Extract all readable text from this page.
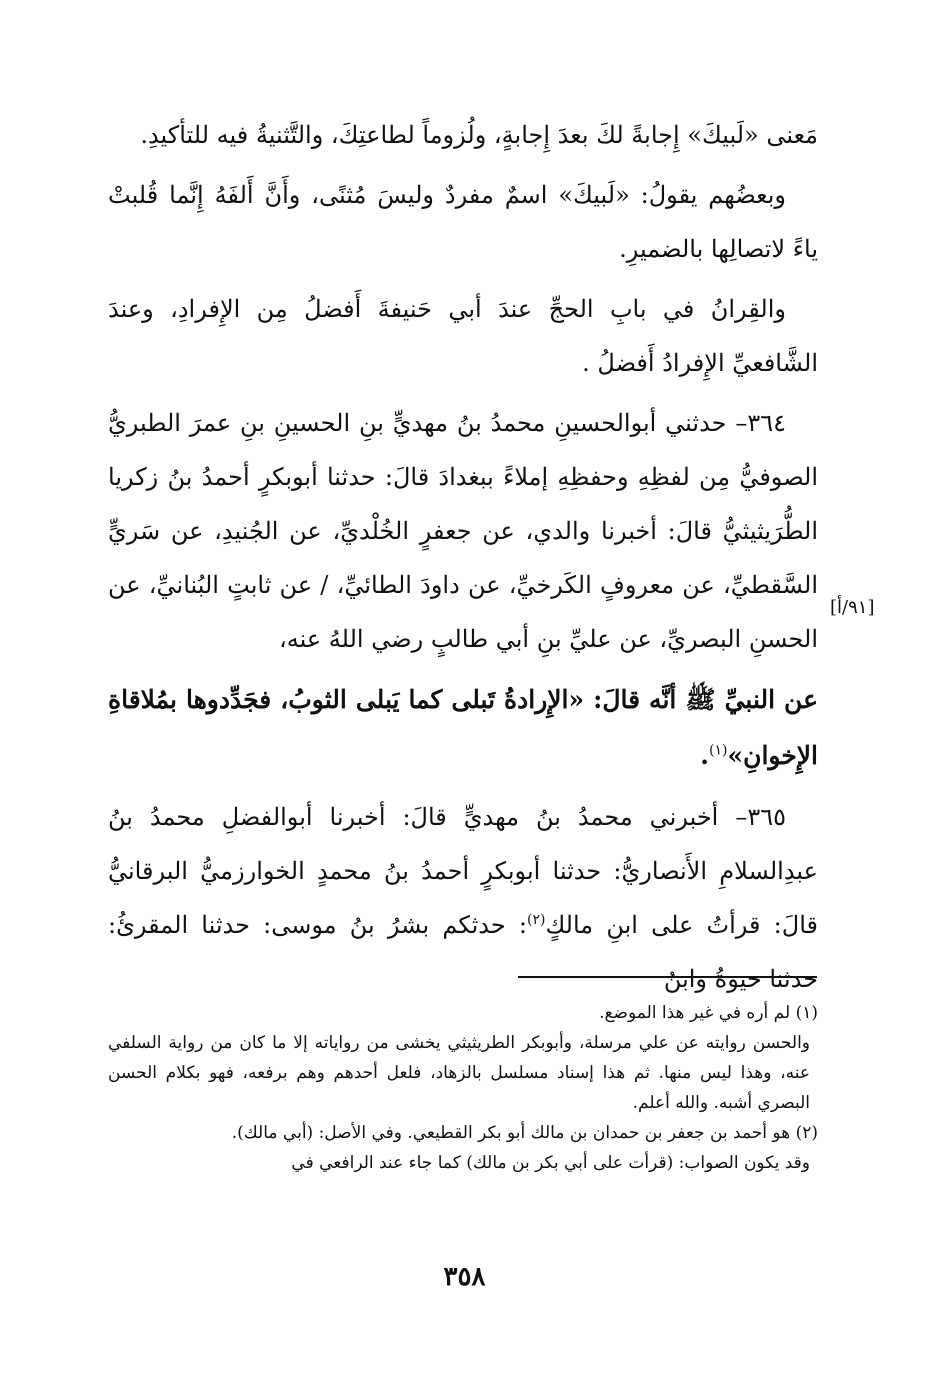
مَعنى «لَبيكَ» إِجابةً لكَ بعدَ إِجابةٍ، ولُزوماً لطاعتِكَ، والتَّثنيةُ فيه للتأكيدِ.

وبعضُهم يقولُ: «لَبيكَ» اسمٌ مفردٌ وليسَ مُثنًى، وأَنَّ أَلفَهُ إِنَّما قُلبتْ ياءً لاتصالِها بالضميرِ.

والقِرانُ في بابِ الحجِّ عندَ أبي حَنيفةَ أَفضلُ مِن الإِفرادِ، وعندَ الشَّافعيِّ الإِفرادُ أَفضلُ .

٣٦٤– حدثني أبوالحسينِ محمدُ بنُ مهديٍّ بنِ الحسينِ بنِ عمرَ الطبريُّ الصوفيُّ مِن لفظِهِ وحفظِهِ إملاءً ببغدادَ قالَ: حدثنا أبوبكرٍ أحمدُ بنُ زكريا الطُّرَيثيثيُّ قالَ: أخبرنا والدي، عن جعفرٍ الخُلْديِّ، عن الجُنيدِ، عن سَريٍّ السَّقطيِّ، عن معروفٍ الكَرخيِّ، عن داودَ الطائيِّ، / عن ثابتٍ البُنانيِّ، عن الحسنِ البصريِّ، عن عليِّ بنِ أبي طالبٍ رضي اللهُ عنه،

عن النبيِّ ﷺ أنَّه قالَ: «الإِرادةُ تَبلى كما يَبلى الثوبُ، فجَدِّدوها بمُلاقاةِ الإِخوانِ»$^{(١)}$.

٣٦٥– أخبرني محمدُ بنُ مهديٍّ قالَ: أخبرنا أبوالفضلِ محمدُ بنُ عبدِالسلامِ الأَنصاريُّ: حدثنا أبوبكرٍ أحمدُ بنُ محمدٍ الخوارزميُّ البرقانيُّ قالَ: قرأتُ على ابنِ مالكٍ$^{(٢)}$: حدثكم بشرُ بنُ موسى: حدثنا المقرئُ: حدثنا حيوةُ وابنُ

[٩١/أ]

(١) لم أره في غير هذا الموضع.

والحسن روايته عن علي مرسلة، وأبوبكر الطريثيثي يخشى من رواياته إلا ما كان من رواية السلفي عنه، وهذا ليس منها. ثم هذا إسناد مسلسل بالزهاد، فلعل أحدهم وهم برفعه، فهو بكلام الحسن البصري أشبه. والله أعلم.

(٢) هو أحمد بن جعفر بن حمدان بن مالك أبو بكر القطيعي. وفي الأصل: (أبي مالك).

وقد يكون الصواب: (قرأت على أبي بكر بن مالك) كما جاء عند الرافعي في

٣٥٨
